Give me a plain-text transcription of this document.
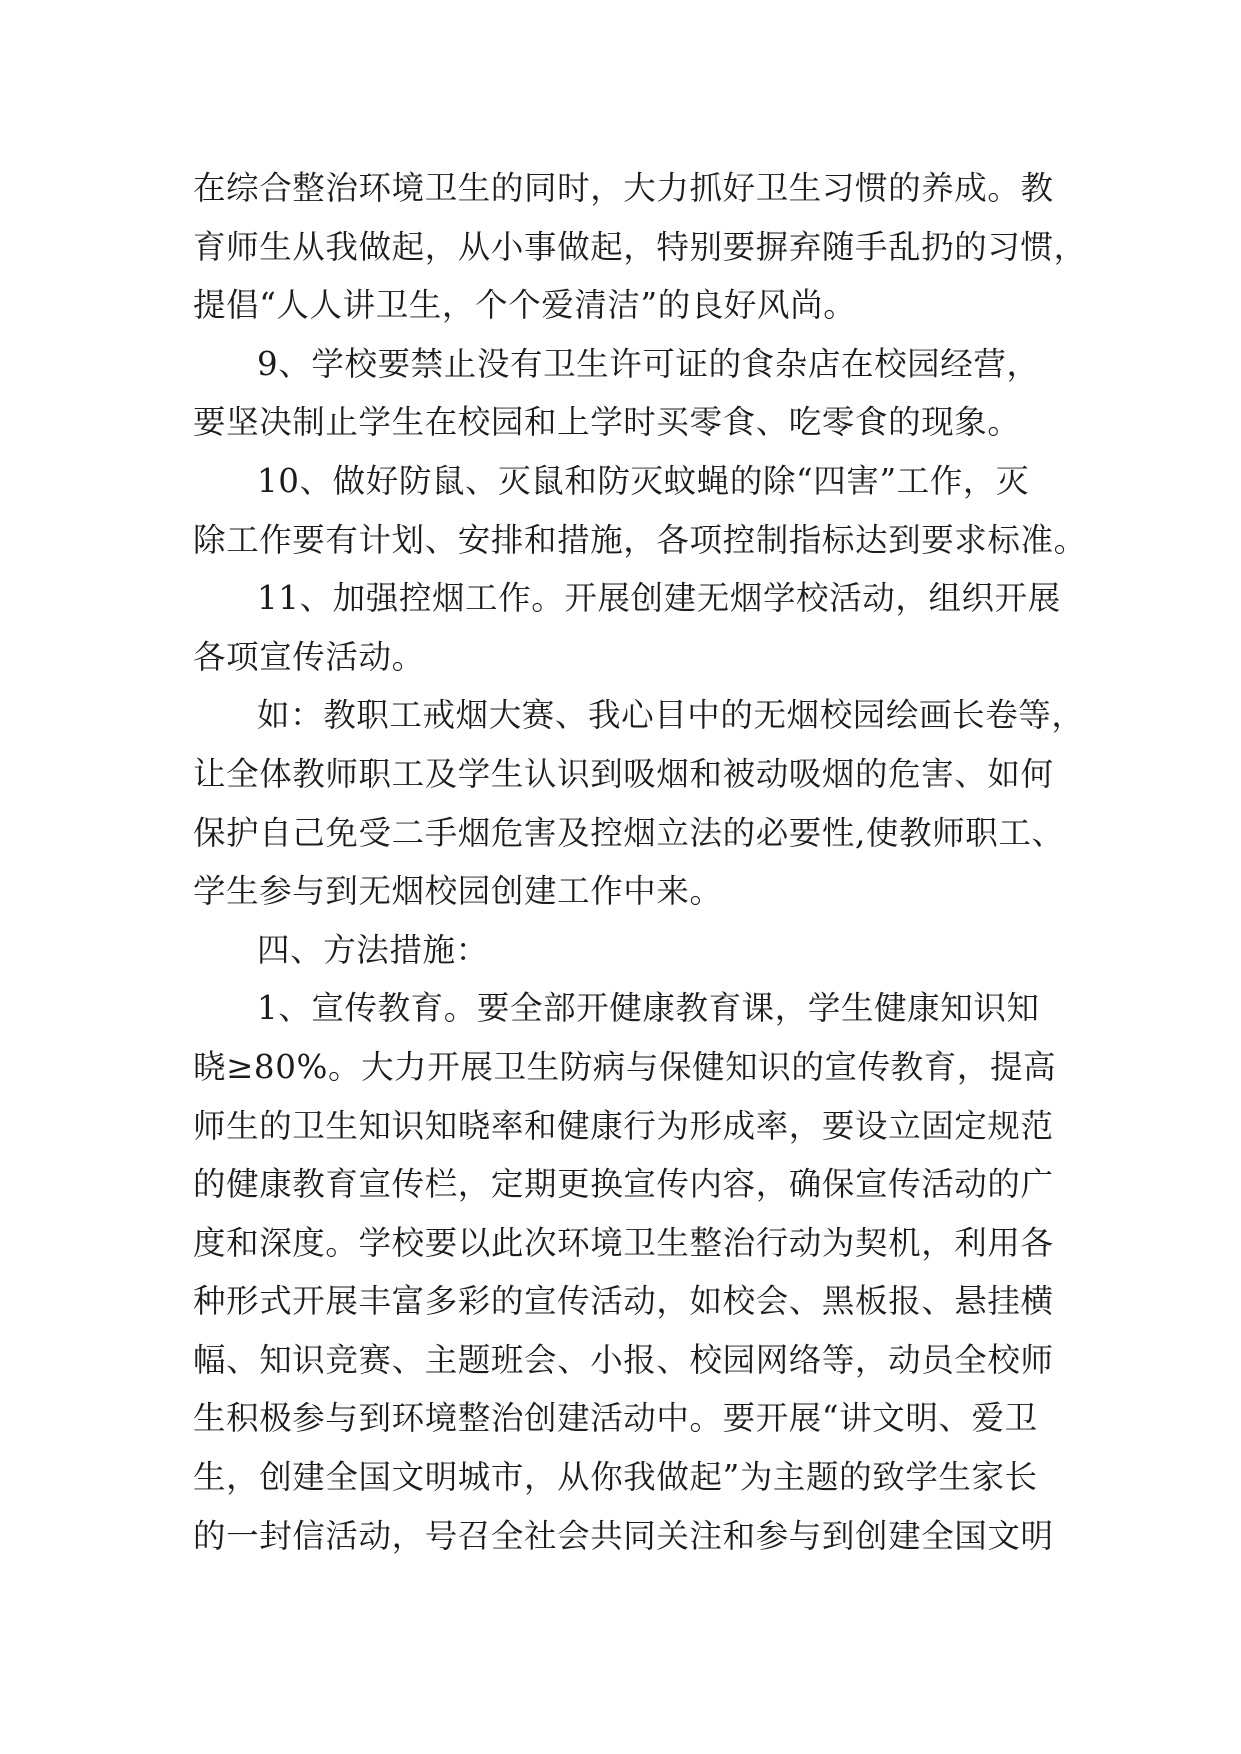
在综合整治环境卫生的同时，大力抓好卫生习惯的养成。教
育师生从我做起，从小事做起，特别要摒弃随手乱扔的习惯，
提倡“人人讲卫生，个个爱清洁”的良好风尚。
9、学校要禁止没有卫生许可证的食杂店在校园经营，
要坚决制止学生在校园和上学时买零食、吃零食的现象。
10、做好防鼠、灭鼠和防灭蚊蝇的除“四害”工作，灭
除工作要有计划、安排和措施，各项控制指标达到要求标准。
11、加强控烟工作。开展创建无烟学校活动，组织开展
各项宣传活动。
如：教职工戒烟大赛、我心目中的无烟校园绘画长卷等，
让全体教师职工及学生认识到吸烟和被动吸烟的危害、如何
保护自己免受二手烟危害及控烟立法的必要性,使教师职工、
学生参与到无烟校园创建工作中来。
四、方法措施：
1、宣传教育。要全部开健康教育课，学生健康知识知
晓≥80%。大力开展卫生防病与保健知识的宣传教育，提高
师生的卫生知识知晓率和健康行为形成率，要设立固定规范
的健康教育宣传栏，定期更换宣传内容，确保宣传活动的广
度和深度。学校要以此次环境卫生整治行动为契机，利用各
种形式开展丰富多彩的宣传活动，如校会、黑板报、悬挂横
幅、知识竞赛、主题班会、小报、校园网络等，动员全校师
生积极参与到环境整治创建活动中。要开展“讲文明、爱卫
生，创建全国文明城市，从你我做起”为主题的致学生家长
的一封信活动，号召全社会共同关注和参与到创建全国文明
